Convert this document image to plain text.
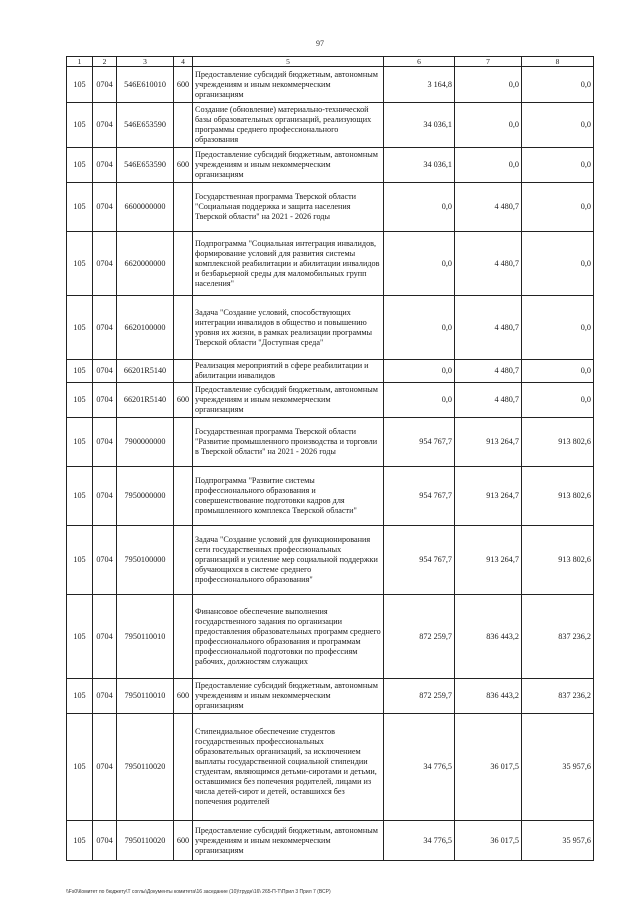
97
1	2	3	4	5	6	7	8
105	0704	546E610010	600	Предоставление субсидий бюджетным, автономным учреждениям и иным некоммерческим организациям	3 164,8	0,0	0,0
105	0704	546E653590		Создание (обновление) материально-технической базы образовательных организаций, реализующих программы среднего профессионального образования	34 036,1	0,0	0,0
105	0704	546E653590	600	Предоставление субсидий бюджетным, автономным учреждениям и иным некоммерческим организациям	34 036,1	0,0	0,0
105	0704	6600000000		Государственная программа Тверской области "Социальная поддержка и защита населения Тверской области" на 2021 - 2026 годы	0,0	4 480,7	0,0
105	0704	6620000000		Подпрограмма "Социальная интеграция инвалидов, формирование условий для развития системы комплексной реабилитации и абилитации инвалидов и безбарьерной среды для маломобильных групп населения"	0,0	4 480,7	0,0
105	0704	6620100000		Задача "Создание условий, способствующих интеграции инвалидов в общество и повышению уровня их жизни, в рамках реализации программы Тверской области "Доступная среда"	0,0	4 480,7	0,0
105	0704	66201R5140		Реализация мероприятий в сфере реабилитации и абилитации инвалидов	0,0	4 480,7	0,0
105	0704	66201R5140	600	Предоставление субсидий бюджетным, автономным учреждениям и иным некоммерческим организациям	0,0	4 480,7	0,0
105	0704	7900000000		Государственная программа Тверской области "Развитие промышленного производства и торговли в Тверской области" на 2021 - 2026 годы	954 767,7	913 264,7	913 802,6
105	0704	7950000000		Подпрограмма "Развитие системы профессионального образования и совершенствование подготовки кадров для промышленного комплекса Тверской области"	954 767,7	913 264,7	913 802,6
105	0704	7950100000		Задача "Создание условий для функционирования сети государственных профессиональных организаций и усиление мер социальной поддержки обучающихся в системе среднего профессионального образования"	954 767,7	913 264,7	913 802,6
105	0704	7950110010		Финансовое обеспечение выполнения государственного задания по организации предоставления образовательных программ среднего профессионального образования и программам профессиональной подготовки по профессиям рабочих, должностям служащих	872 259,7	836 443,2	837 236,2
105	0704	7950110010	600	Предоставление субсидий бюджетным, автономным учреждениям и иным некоммерческим организациям	872 259,7	836 443,2	837 236,2
105	0704	7950110020		Стипендиальное обеспечение студентов государственных профессиональных образовательных организаций, за исключением выплаты государственной социальной стипендии студентам, являющимся детьми-сиротами и детьми, оставшимися без попечения родителей, лицами из числа детей-сирот и детей, оставшихся без попечения родителей	34 776,5	36 017,5	35 957,6
105	0704	7950110020	600	Предоставление субсидий бюджетным, автономным учреждениям и иным некоммерческим организациям	34 776,5	36 017,5	35 957,6
\\Fs0\Комитет по бюджету\Т соглы\Документы комитета\16 заседание (10)\трудн\16\ 265-П-Т\Прил 3 Прил 7 (ВСР)
